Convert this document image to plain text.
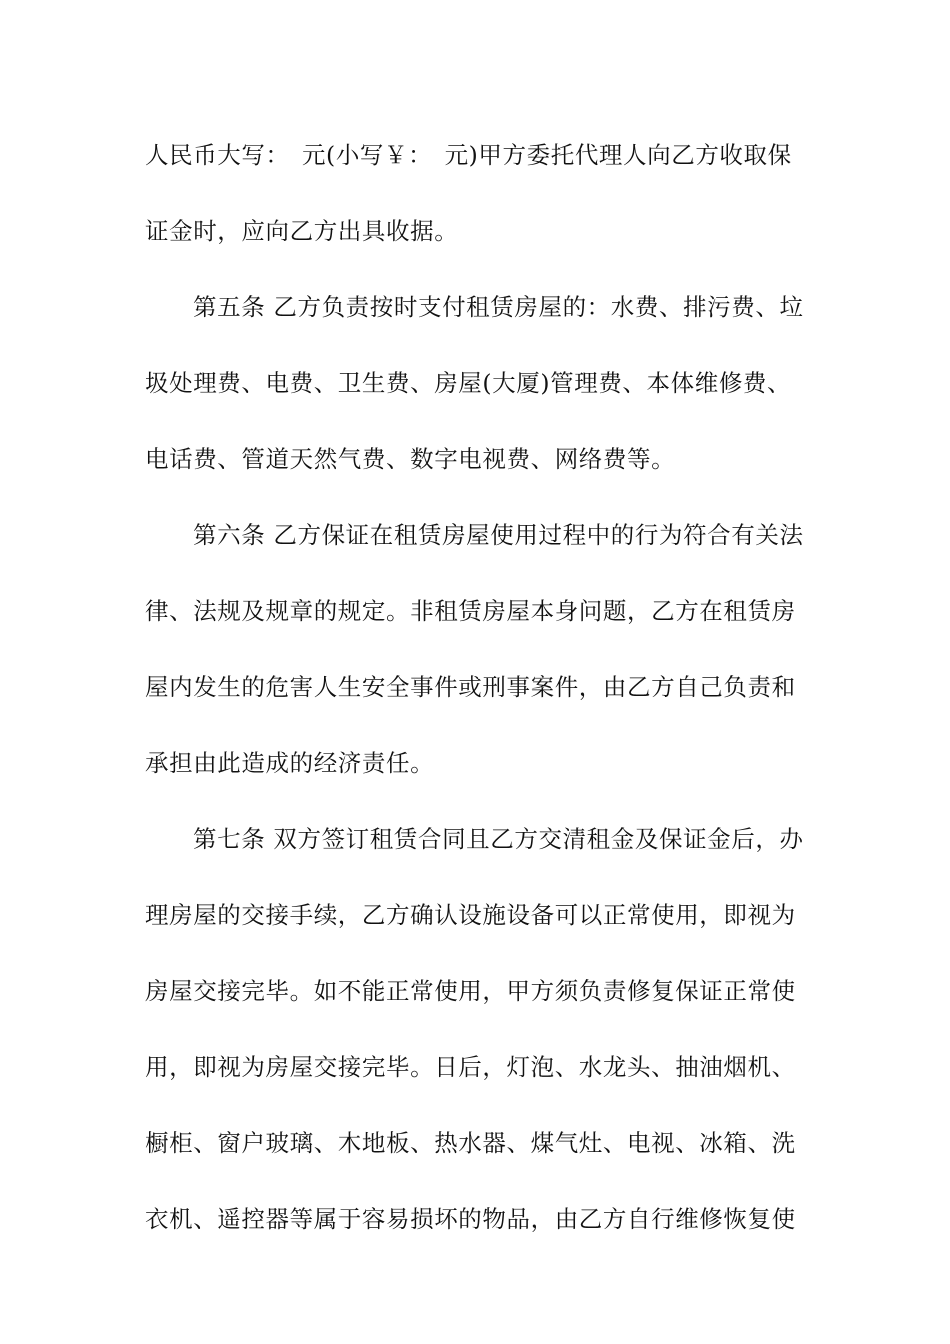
人民币大写：　元(小写￥：　元)甲方委托代理人向乙方收取保
证金时，应向乙方出具收据。
第五条 乙方负责按时支付租赁房屋的：水费、排污费、垃
圾处理费、电费、卫生费、房屋(大厦)管理费、本体维修费、
电话费、管道天然气费、数字电视费、网络费等。
第六条 乙方保证在租赁房屋使用过程中的行为符合有关法
律、法规及规章的规定。非租赁房屋本身问题，乙方在租赁房
屋内发生的危害人生安全事件或刑事案件，由乙方自己负责和
承担由此造成的经济责任。
第七条 双方签订租赁合同且乙方交清租金及保证金后，办
理房屋的交接手续，乙方确认设施设备可以正常使用，即视为
房屋交接完毕。如不能正常使用，甲方须负责修复保证正常使
用，即视为房屋交接完毕。日后，灯泡、水龙头、抽油烟机、
橱柜、窗户玻璃、木地板、热水器、煤气灶、电视、冰箱、洗
衣机、遥控器等属于容易损坏的物品，由乙方自行维修恢复使
